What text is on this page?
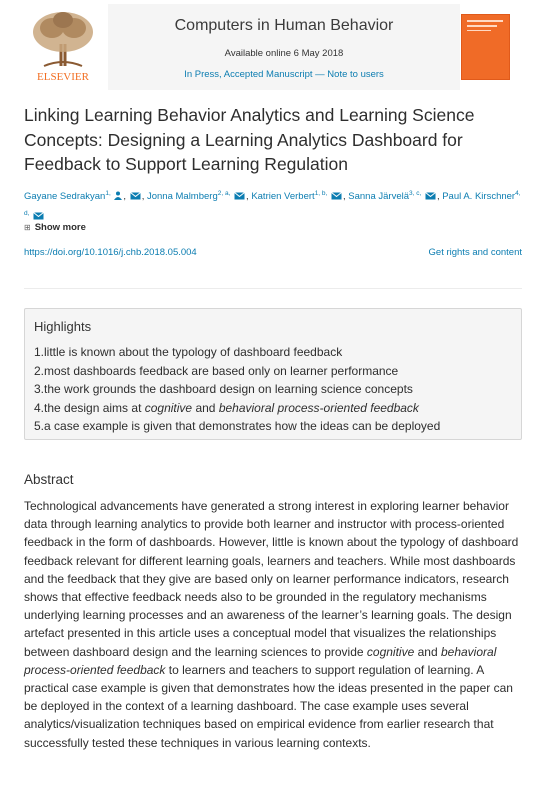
ELSEVIER
Computers in Human Behavior
Available online 6 May 2018
In Press, Accepted Manuscript — Note to users
Linking Learning Behavior Analytics and Learning Science Concepts: Designing a Learning Analytics Dashboard for Feedback to Support Learning Regulation
Gayane Sedrakyan$^{1,}$ , , Jonna Malmberg$^{2, a,}$ , Katrien Verbert$^{1, b,}$ , Sanna Järvelä$^{3, c,}$ , Paul A. Kirschner$^{4, d,}$
⊞ Show more
https://doi.org/10.1016/j.chb.2018.05.004	Get rights and content
Highlights
1.little is known about the typology of dashboard feedback
2.most dashboards feedback are based only on learner performance
3.the work grounds the dashboard design on learning science concepts
4.the design aims at cognitive and behavioral process-oriented feedback
5.a case example is given that demonstrates how the ideas can be deployed
Abstract

Technological advancements have generated a strong interest in exploring learner behavior data through learning analytics to provide both learner and instructor with process-oriented feedback in the form of dashboards. However, little is known about the typology of dashboard feedback relevant for different learning goals, learners and teachers. While most dashboards and the feedback that they give are based only on learner performance indicators, research shows that effective feedback needs also to be grounded in the regulatory mechanisms underlying learning processes and an awareness of the learner’s learning goals. The design artefact presented in this article uses a conceptual model that visualizes the relationships between dashboard design and the learning sciences to provide cognitive and behavioral process-oriented feedback to learners and teachers to support regulation of learning. A practical case example is given that demonstrates how the ideas presented in the paper can be deployed in the context of a learning dashboard. The case example uses several analytics/visualization techniques based on empirical evidence from earlier research that successfully tested these techniques in various learning contexts.
